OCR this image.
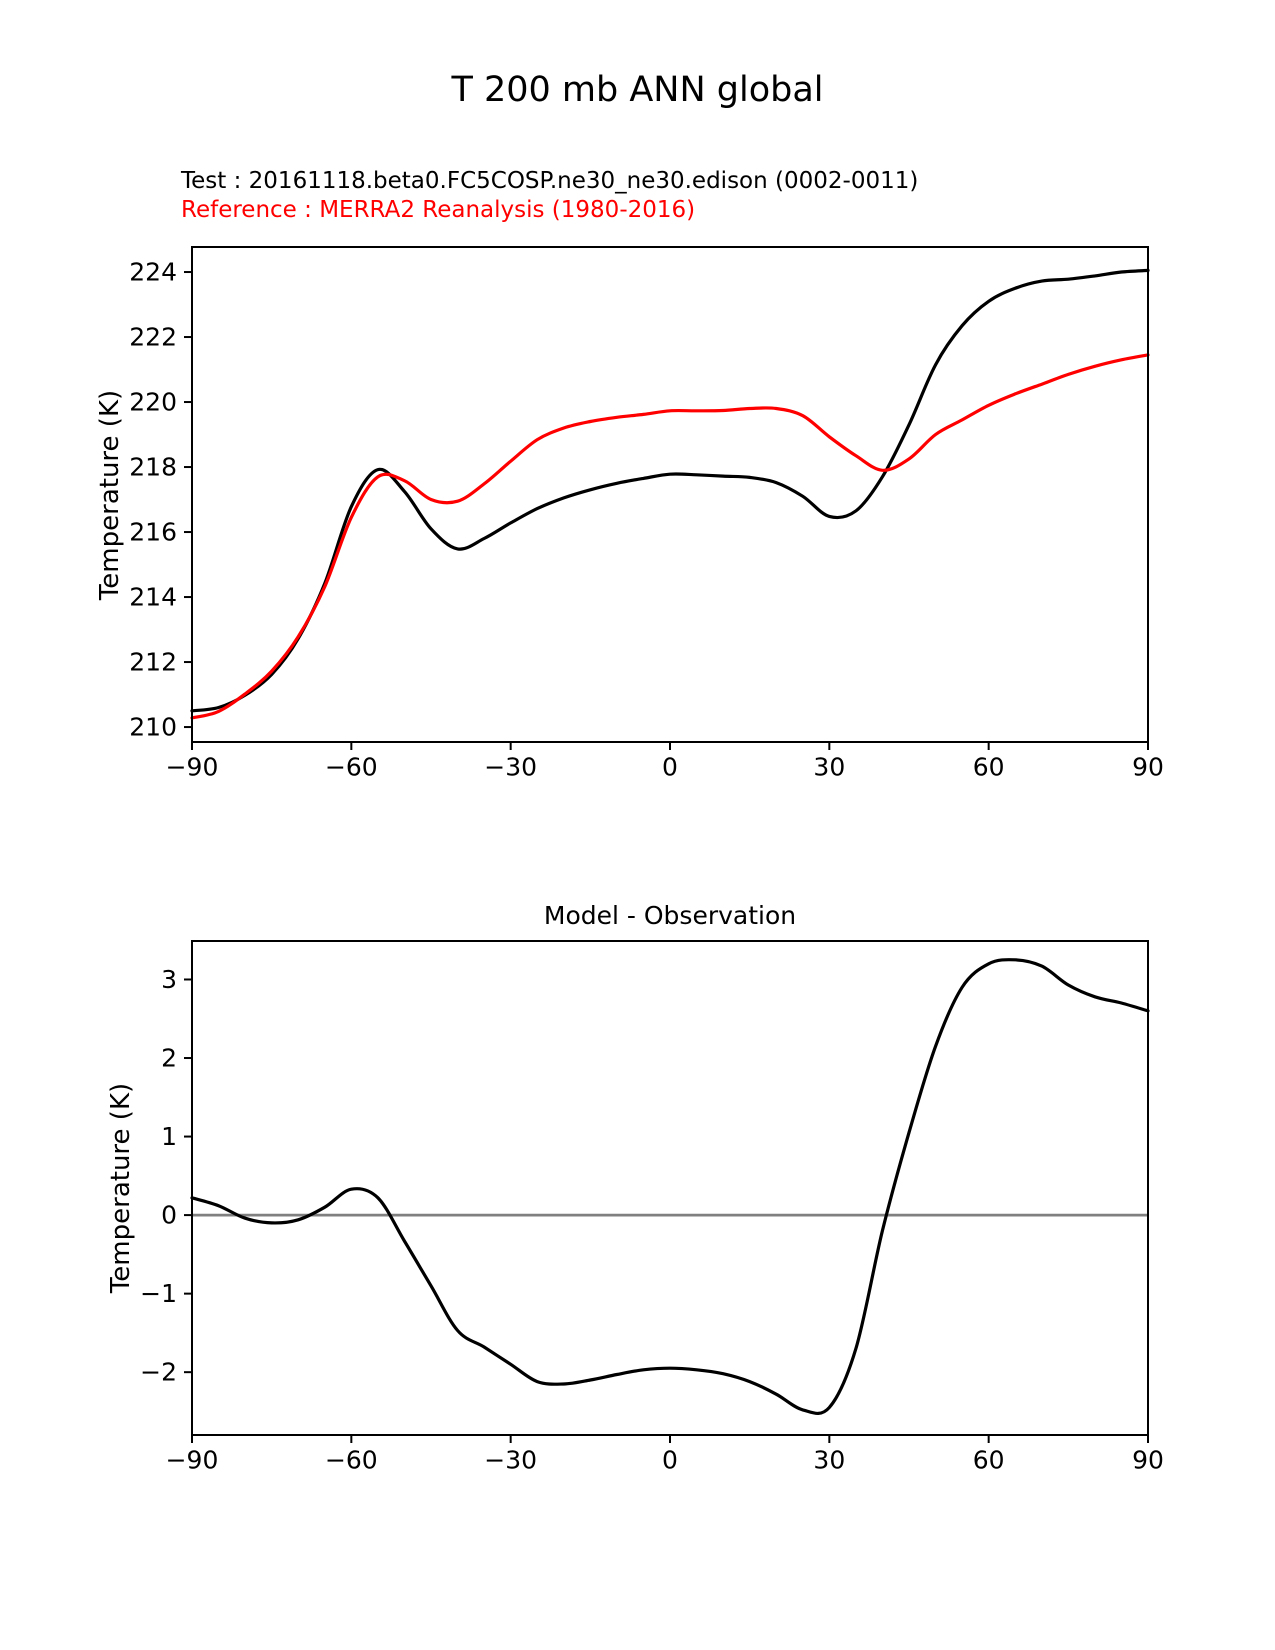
T 200 mb ANN global
Test : 20161118.beta0.FC5COSP.ne30_ne30.edison (0002-0011)
Reference : MERRA2 Reanalysis (1980-2016)
Temperature (K)
−90	−60	−30	0	30	60	90
210
212
214
216
218
220
222
224
Model - Observation
Temperature (K)
−90	−60	−30	0	30	60	90
3
2
1
0
−1
−2
